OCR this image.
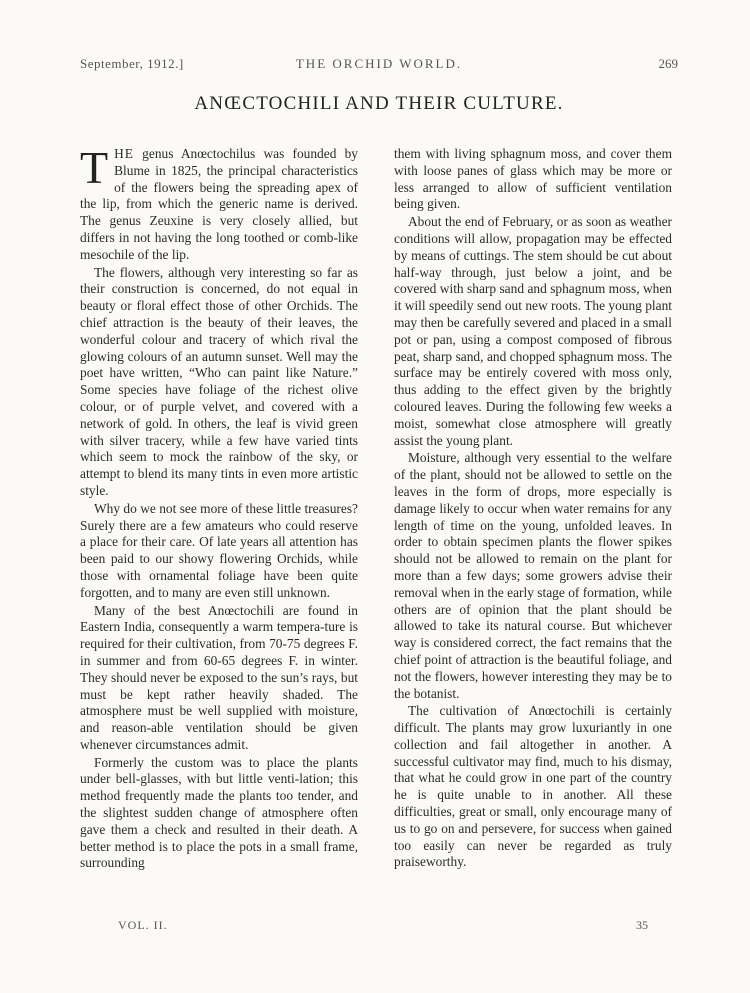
September, 1912.]	THE ORCHID WORLD.	269
ANŒCTOCHILI AND THEIR CULTURE.

THE genus Anœctochilus was founded by Blume in 1825, the principal characteristics of the flowers being the spreading apex of the lip, from which the generic name is derived. The genus Zeuxine is very closely allied, but differs in not having the long toothed or comb-like mesochile of the lip.

The flowers, although very interesting so far as their construction is concerned, do not equal in beauty or floral effect those of other Orchids. The chief attraction is the beauty of their leaves, the wonderful colour and tracery of which rival the glowing colours of an autumn sunset. Well may the poet have written, “Who can paint like Nature.” Some species have foliage of the richest olive colour, or of purple velvet, and covered with a network of gold. In others, the leaf is vivid green with silver tracery, while a few have varied tints which seem to mock the rainbow of the sky, or attempt to blend its many tints in even more artistic style.

Why do we not see more of these little treasures? Surely there are a few amateurs who could reserve a place for their care. Of late years all attention has been paid to our showy flowering Orchids, while those with ornamental foliage have been quite forgotten, and to many are even still unknown.

Many of the best Anœctochili are found in Eastern India, consequently a warm tempera-ture is required for their cultivation, from 70-75 degrees F. in summer and from 60-65 degrees F. in winter. They should never be exposed to the sun’s rays, but must be kept rather heavily shaded. The atmosphere must be well supplied with moisture, and reason-able ventilation should be given whenever circumstances admit.

Formerly the custom was to place the plants under bell-glasses, with but little venti-lation; this method frequently made the plants too tender, and the slightest sudden change of atmosphere often gave them a check and resulted in their death. A better method is to place the pots in a small frame, surrounding

them with living sphagnum moss, and cover them with loose panes of glass which may be more or less arranged to allow of sufficient ventilation being given.

About the end of February, or as soon as weather conditions will allow, propagation may be effected by means of cuttings. The stem should be cut about half-way through, just below a joint, and be covered with sharp sand and sphagnum moss, when it will speedily send out new roots. The young plant may then be carefully severed and placed in a small pot or pan, using a compost composed of fibrous peat, sharp sand, and chopped sphagnum moss. The surface may be entirely covered with moss only, thus adding to the effect given by the brightly coloured leaves. During the following few weeks a moist, somewhat close atmosphere will greatly assist the young plant.

Moisture, although very essential to the welfare of the plant, should not be allowed to settle on the leaves in the form of drops, more especially is damage likely to occur when water remains for any length of time on the young, unfolded leaves. In order to obtain specimen plants the flower spikes should not be allowed to remain on the plant for more than a few days; some growers advise their removal when in the early stage of formation, while others are of opinion that the plant should be allowed to take its natural course. But whichever way is considered correct, the fact remains that the chief point of attraction is the beautiful foliage, and not the flowers, however interesting they may be to the botanist.

The cultivation of Anœctochili is certainly difficult. The plants may grow luxuriantly in one collection and fail altogether in another. A successful cultivator may find, much to his dismay, that what he could grow in one part of the country he is quite unable to in another. All these difficulties, great or small, only encourage many of us to go on and persevere, for success when gained too easily can never be regarded as truly praiseworthy.

VOL. II.	35
